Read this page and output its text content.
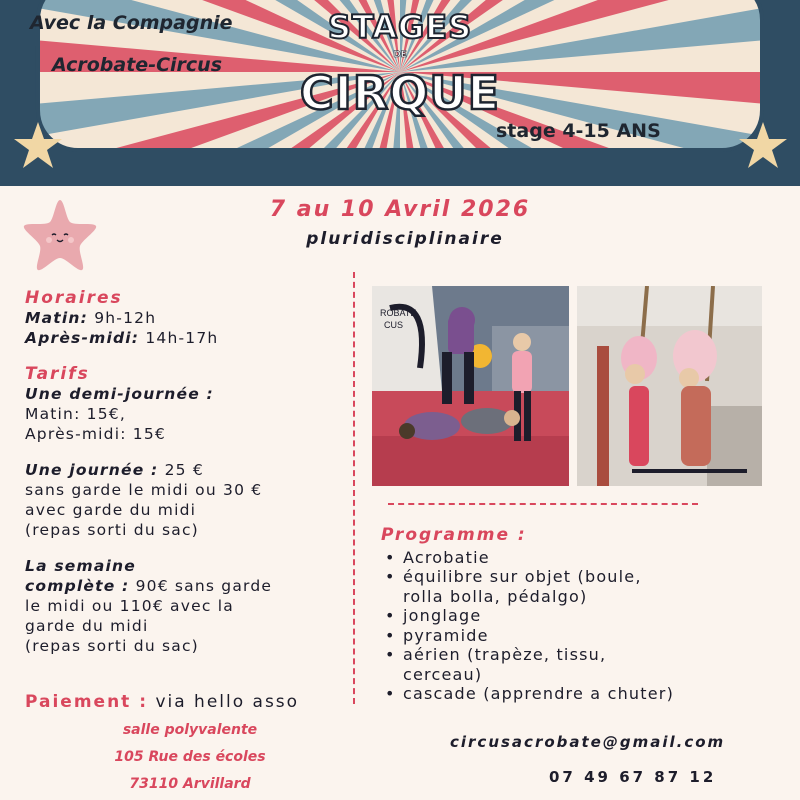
Avec la Compagnie
Acrobate-Circus
STAGES
DE
CIRQUE
stage 4-15 ANS
7 au 10 Avril 2026
pluridisciplinaire

Horaires

Matin: 9h-12h

Après-midi: 14h-17h

Tarifs

Une demi-journée :

Matin: 15€,

Après-midi: 15€

Une journée : 25 €

sans garde le midi ou 30 €

avec garde du midi

(repas sorti du sac)

La semaine

complète : 90€ sans garde

le midi ou 110€ avec la

garde du midi

(repas sorti du sac)

Paiement : via hello asso
salle polyvalente
105 Rue des écoles
73110 Arvillard
ROBATE
CUS
Programme :
• Acrobatie
• équilibre sur objet (boule,
rolla bolla, pédalgo)
• jonglage
• pyramide
• aérien (trapèze, tissu,
cerceau)
• cascade (apprendre a chuter)
circusacrobate@gmail.com
07 49 67 87 12
